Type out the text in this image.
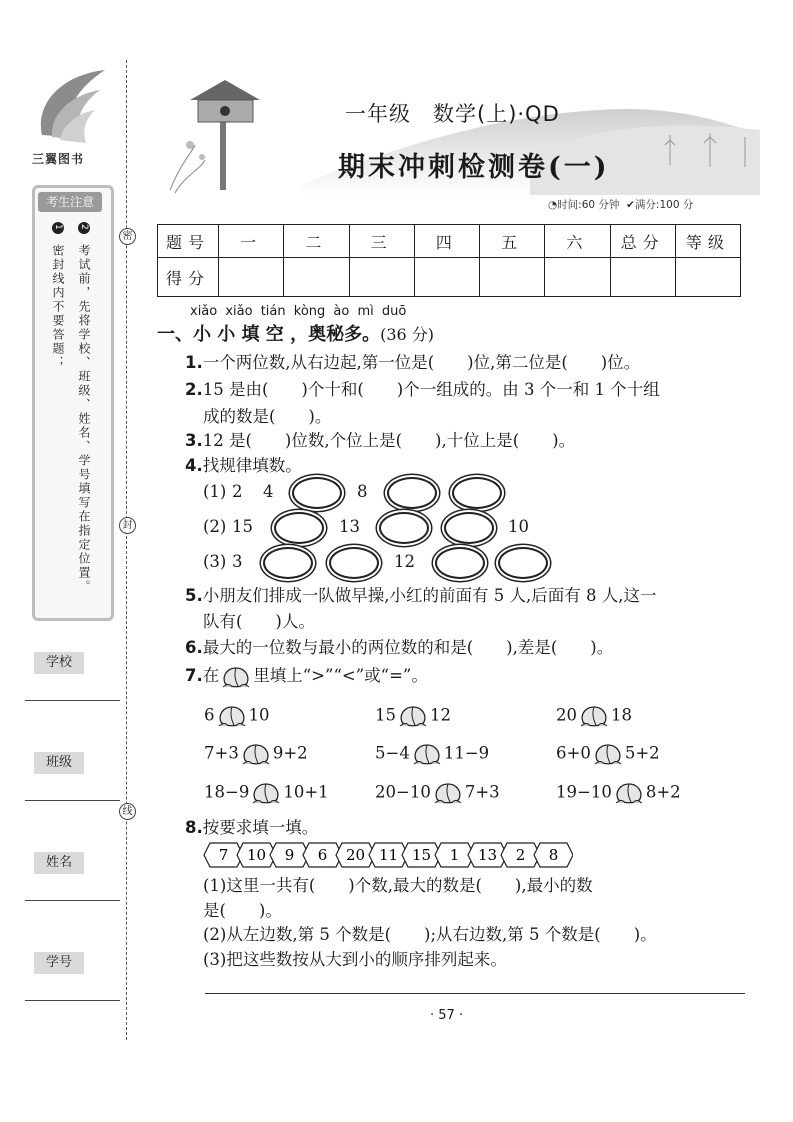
三翼图书
考生注意
2 考试前，先将学校、班级、姓名、学号填写在指定位置。
1 密封线内不要答题；
学校
班级
姓名
学号
密
封
线
一年级　数学(上)·QD
期末冲刺检测卷(一)
◔时间:60 分钟 ✔满分:100 分
题号	一	二	三	四	五	六	总分	等级
得分								
xiǎo xiǎo tián kòng ào mì duō
一、小 小 填 空 ，奥秘多。(36 分)
1.一个两位数,从右边起,第一位是(　　)位,第二位是(　　)位。
2.15 是由(　　)个十和(　　)个一组成的。由 3 个一和 1 个十组
成的数是(　　)。
3.12 是(　　)位数,个位上是(　　),十位上是(　　)。
4.找规律填数。
(1) 2 4	8
(2) 15	13	10
(3) 3	12
5.小朋友们排成一队做早操,小红的前面有 5 人,后面有 8 人,这一
队有(　　)人。
6.最大的一位数与最小的两位数的和是(　　),差是(　　)。
7.在 里填上“>”“<”或“=”。
6 10	15 12	20 18
7+3 9+2	5−4 11−9	6+0 5+2
18−9 10+1	20−10 7+3	19−10 8+2
8.按要求填一填。
7 10 9 6 20 11 15 1 13 2 8
(1)这里一共有(　　)个数,最大的数是(　　),最小的数
是(　　)。
(2)从左边数,第 5 个数是(　　);从右边数,第 5 个数是(　　)。
(3)把这些数按从大到小的顺序排列起来。
· 57 ·
